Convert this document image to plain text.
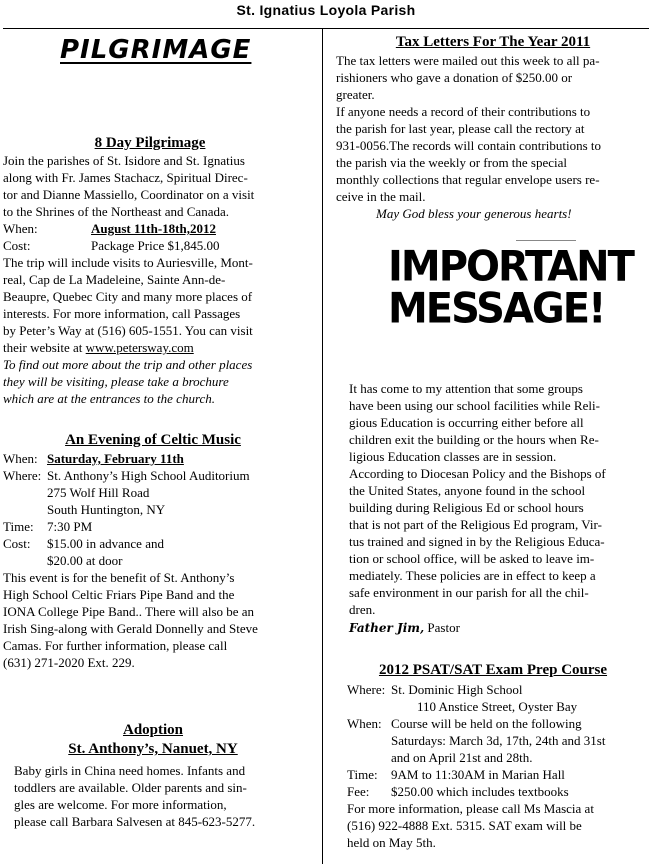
St. Ignatius Loyola Parish
PILGRIMAGE
8 Day Pilgrimage
Join the parishes of St. Isidore and St. Ignatius
along with Fr. James Stachacz, Spiritual Direc-
tor and Dianne Massiello, Coordinator on a visit
to the Shrines of the Northeast and Canada.
When:	August 11th-18th,2012
Cost:	Package Price $1,845.00
The trip will include visits to Auriesville, Mont-
real, Cap de La Madeleine, Sainte Ann-de-
Beaupre, Quebec City and many more places of
interests. For more information, call Passages
by Peter’s Way at (516) 605-1551. You can visit
their website at www.petersway.com
To find out more about the trip and other places
they will be visiting, please take a brochure
which are at the entrances to the church.
An Evening of Celtic Music
When: Saturday, February 11th
Where: St. Anthony’s High School Auditorium
275 Wolf Hill Road
South Huntington, NY
Time: 7:30 PM
Cost: $15.00 in advance and
$20.00 at door
This event is for the benefit of St. Anthony’s
High School Celtic Friars Pipe Band and the
IONA College Pipe Band.. There will also be an
Irish Sing-along with Gerald Donnelly and Steve
Camas. For further information, please call
(631) 271-2020 Ext. 229.
Adoption
St. Anthony’s, Nanuet, NY
Baby girls in China need homes. Infants and
toddlers are available. Older parents and sin-
gles are welcome. For more information,
please call Barbara Salvesen at 845-623-5277.
Tax Letters For The Year 2011
The tax letters were mailed out this week to all pa-
rishioners who gave a donation of $250.00 or
greater.
If anyone needs a record of their contributions to
the parish for last year, please call the rectory at
931-0056.The records will contain contributions to
the parish via the weekly or from the special
monthly collections that regular envelope users re-
ceive in the mail.
May God bless your generous hearts!
IMPORTANT
MESSAGE!
It has come to my attention that some groups
have been using our school facilities while Reli-
gious Education is occurring either before all
children exit the building or the hours when Re-
ligious Education classes are in session.
According to Diocesan Policy and the Bishops of
the United States, anyone found in the school
building during Religious Ed or school hours
that is not part of the Religious Ed program, Vir-
tus trained and signed in by the Religious Educa-
tion or school office, will be asked to leave im-
mediately. These policies are in effect to keep a
safe environment in our parish for all the chil-
dren.
Father Jim, Pastor
2012 PSAT/SAT Exam Prep Course
Where: St. Dominic High School
110 Anstice Street, Oyster Bay
When: Course will be held on the following
Saturdays: March 3d, 17th, 24th and 31st
and on April 21st and 28th.
Time: 9AM to 11:30AM in Marian Hall
Fee: $250.00 which includes textbooks
For more information, please call Ms Mascia at
(516) 922-4888 Ext. 5315. SAT exam will be
held on May 5th.
